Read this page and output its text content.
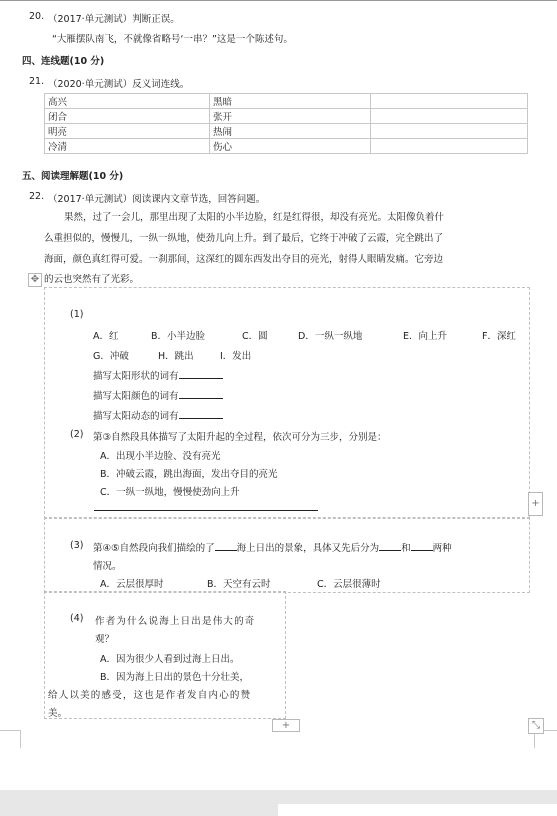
20. （2017·单元测试）判断正误。
“大雁摆队南飞，不就像省略号‘一串？”这是一个陈述句。
四、连线题(10 分)
21. （2020·单元测试）反义词连线。
高兴	黑暗	
闭合	张开	
明亮	热闹	
冷清	伤心	
五、阅读理解题(10 分)
22. （2017·单元测试）阅读课内文章节选，回答问题。
果然，过了一会儿，那里出现了太阳的小半边脸，红是红得很，却没有亮光。太阳像负着什
么重担似的，慢慢儿，一纵一纵地，使劲儿向上升。到了最后，它终于冲破了云霞，完全跳出了
海面，颜色真红得可爱。一刹那间，这深红的圆东西发出夺目的亮光，射得人眼睛发痛。它旁边
的云也突然有了光彩。
✥
(1)
A．红	B．小半边脸	C．圆	D．一纵一纵地	E．向上升	F．深红
G．冲破	H．跳出	I．发出
描写太阳形状的词有
描写太阳颜色的词有
描写太阳动态的词有
(2) 第③自然段具体描写了太阳升起的全过程，依次可分为三步，分别是：
A．出现小半边脸、没有亮光
B．冲破云霞，跳出海面，发出夺目的亮光
C．一纵一纵地，慢慢使劲向上升
+
(3) 第④⑤自然段向我们描绘的了 海上日出的景象，具体又先后分为 和 两种
情况。
A．云层很厚时	B．天空有云时	C．云层很薄时
(4) 作者为什么说海上日出是伟大的奇
观？
A．因为很少人看到过海上日出。
B．因为海上日出的景色十分壮美，
给人以美的感受，这也是作者发自内心的赞
美。
+	⤡
